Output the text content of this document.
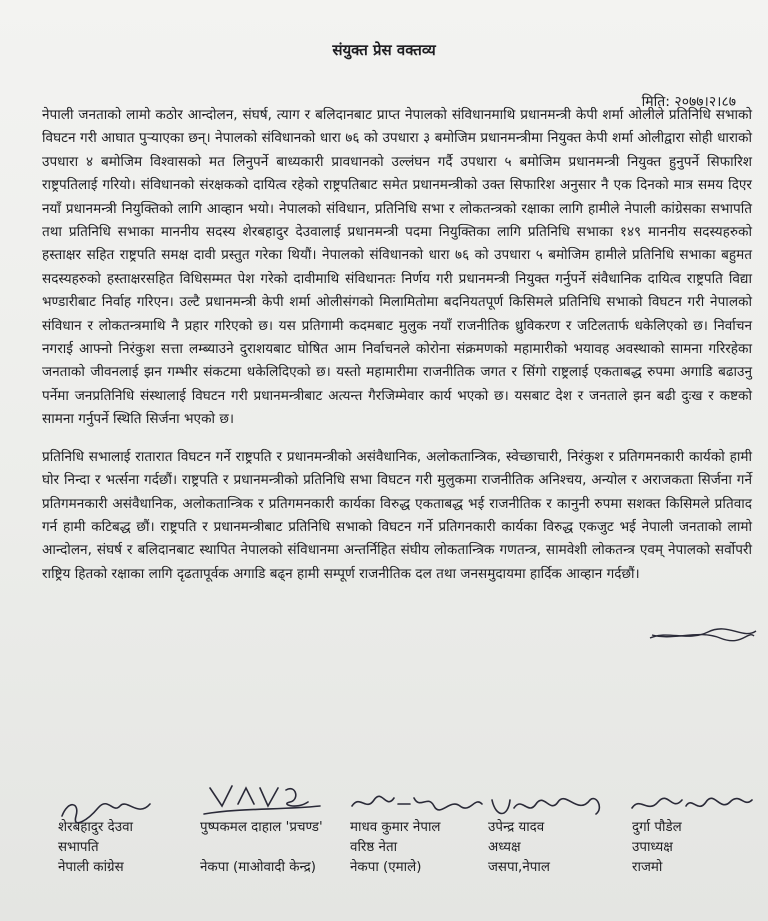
संयुक्त प्रेस वक्तव्य
मिति: २०७७।२।८७

नेपाली जनताको लामो कठोर आन्दोलन, संघर्ष, त्याग र बलिदानबाट प्राप्त नेपालको संविधानमाथि प्रधानमन्त्री केपी शर्मा ओलीले प्रतिनिधि सभाको विघटन गरी आघात पुर्‍याएका छन्। नेपालको संविधानको धारा ७६ को उपधारा ३ बमोजिम प्रधानमन्त्रीमा नियुक्त केपी शर्मा ओलीद्वारा सोही धाराको उपधारा ४ बमोजिम विश्वासको मत लिनुपर्ने बाध्यकारी प्रावधानको उल्लंघन गर्दै उपधारा ५ बमोजिम प्रधानमन्त्री नियुक्त हुनुपर्ने सिफारिश राष्ट्रपतिलाई गरियो। संविधानको संरक्षकको दायित्व रहेको राष्ट्रपतिबाट समेत प्रधानमन्त्रीको उक्त सिफारिश अनुसार नै एक दिनको मात्र समय दिएर नयाँ प्रधानमन्त्री नियुक्तिको लागि आव्हान भयो। नेपालको संविधान, प्रतिनिधि सभा र लोकतन्त्रको रक्षाका लागि हामीले नेपाली कांग्रेसका सभापति तथा प्रतिनिधि सभाका माननीय सदस्य शेरबहादुर देउवालाई प्रधानमन्त्री पदमा नियुक्तिका लागि प्रतिनिधि सभाका १४९ माननीय सदस्यहरुको हस्ताक्षर सहित राष्ट्रपति समक्ष दावी प्रस्तुत गरेका थियौं। नेपालको संविधानको धारा ७६ को उपधारा ५ बमोजिम हामीले प्रतिनिधि सभाका बहुमत सदस्यहरुको हस्ताक्षरसहित विधिसम्मत पेश गरेको दावीमाथि संविधानतः निर्णय गरी प्रधानमन्त्री नियुक्त गर्नुपर्ने संवैधानिक दायित्व राष्ट्रपति विद्या भण्डारीबाट निर्वाह गरिएन। उल्टै प्रधानमन्त्री केपी शर्मा ओलीसंगको मिलामितोमा बदनियतपूर्ण किसिमले प्रतिनिधि सभाको विघटन गरी नेपालको संविधान र लोकतन्त्रमाथि नै प्रहार गरिएको छ। यस प्रतिगामी कदमबाट मुलुक नयाँ राजनीतिक ध्रुविकरण र जटिलतार्फ धकेलिएको छ। निर्वाचन नगराई आफ्नो निरंकुश सत्ता लम्ब्याउने दुराशयबाट घोषित आम निर्वाचनले कोरोना संक्रमणको महामारीको भयावह अवस्थाको सामना गरिरहेका जनताको जीवनलाई झन गम्भीर संकटमा धकेलिदिएको छ। यस्तो महामारीमा राजनीतिक जगत र सिंगो राष्ट्रलाई एकताबद्ध रुपमा अगाडि बढाउनु पर्नेमा जनप्रतिनिधि संस्थालाई विघटन गरी प्रधानमन्त्रीबाट अत्यन्त गैरजिम्मेवार कार्य भएको छ। यसबाट देश र जनताले झन बढी दुःख र कष्टको सामना गर्नुपर्ने स्थिति सिर्जना भएको छ।

प्रतिनिधि सभालाई रातारात विघटन गर्ने राष्ट्रपति र प्रधानमन्त्रीको असंवैधानिक, अलोकतान्त्रिक, स्वेच्छाचारी, निरंकुश र प्रतिगमनकारी कार्यको हामी घोर निन्दा र भर्त्सना गर्दछौं। राष्ट्रपति र प्रधानमन्त्रीको प्रतिनिधि सभा विघटन गरी मुलुकमा राजनीतिक अनिश्चय, अन्योल र अराजकता सिर्जना गर्ने प्रतिगमनकारी असंवैधानिक, अलोकतान्त्रिक र प्रतिगमनकारी कार्यका विरुद्ध एकताबद्ध भई राजनीतिक र कानुनी रुपमा सशक्त किसिमले प्रतिवाद गर्न हामी कटिबद्ध छौं। राष्ट्रपति र प्रधानमन्त्रीबाट प्रतिनिधि सभाको विघटन गर्ने प्रतिगनकारी कार्यका विरुद्ध एकजुट भई नेपाली जनताको लामो आन्दोलन, संघर्ष र बलिदानबाट स्थापित नेपालको संविधानमा अन्तर्निहित संघीय लोकतान्त्रिक गणतन्त्र, सामवेशी लोकतन्त्र एवम् नेपालको सर्वोपरी राष्ट्रिय हितको रक्षाका लागि दृढतापूर्वक अगाडि बढ्न हामी सम्पूर्ण राजनीतिक दल तथा जनसमुदायमा हार्दिक आव्हान गर्दछौं।

शेरबहादुर देउवा
सभापति
नेपाली कांग्रेस
पुष्पकमल दाहाल 'प्रचण्ड'

नेकपा (माओवादी केन्द्र)
माधव कुमार नेपाल
वरिष्ठ नेता
नेकपा (एमाले)
उपेन्द्र यादव
अध्यक्ष
जसपा,नेपाल
दुर्गा पौडेल
उपाध्यक्ष
राजमो
